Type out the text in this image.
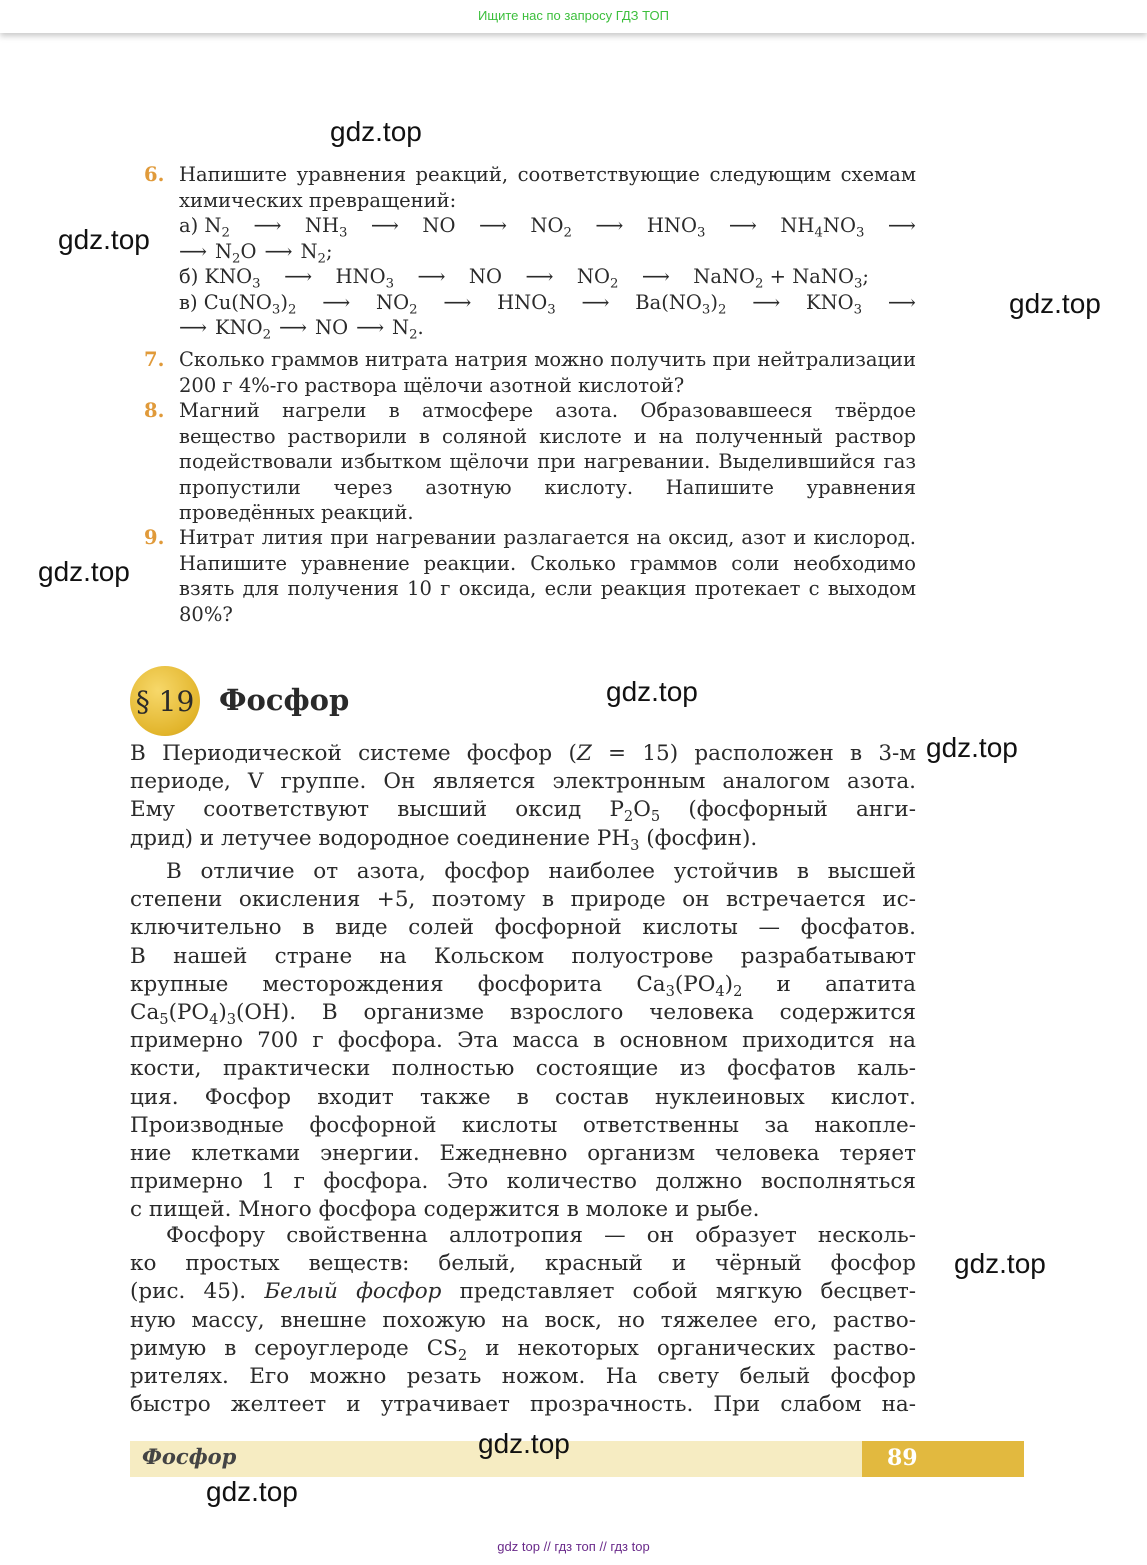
Ищите нас по запросу ГДЗ ТОП
6. Напишите уравнения реакций, соответствующие следующим схемам химических превращений:
а) $N_2$ ⟶ $NH_3$ ⟶ NO ⟶ $NO_2$ ⟶ $HNO_3$ ⟶ $NH_4NO_3$ ⟶
⟶ $N_2O$ ⟶ $N_2$;
б) $KNO_3$ ⟶ $HNO_3$ ⟶ NO ⟶ $NO_2$ ⟶ NaNO$_2$ + NaNO$_3$;
в) $Cu(NO_3)_2$ ⟶ $NO_2$ ⟶ $HNO_3$ ⟶ $Ba(NO_3)_2$ ⟶ $KNO_3$ ⟶
⟶ $KNO_2$ ⟶ NO ⟶ $N_2$.
7. Сколько граммов нитрата натрия можно получить при нейтрализации 200 г 4%-го раствора щёлочи азотной кислотой?
8. Магний нагрели в атмосфере азота. Образовавшееся твёрдое вещество растворили в соляной кислоте и на полученный раствор подействовали избытком щёлочи при нагревании. Выделившийся газ пропустили через азотную кислоту. Напишите уравнения проведённых реакций.
9. Нитрат лития при нагревании разлагается на оксид, азот и кислород. Напишите уравнение реакции. Сколько граммов соли необходимо взять для получения 10 г оксида, если реакция протекает с выходом 80%?
§ 19 Фосфор
В Периодической системе фосфор (Z = 15) расположен в 3-м
периоде, V группе. Он является электронным аналогом азота.
Ему соответствуют высший оксид $P_2O_5$ (фосфорный анги-
дрид) и летучее водородное соединение $PH_3$ (фосфин).
В отличие от азота, фосфор наиболее устойчив в высшей
степени окисления +5, поэтому в природе он встречается ис-
ключительно в виде солей фосфорной кислоты — фосфатов.
В нашей стране на Кольском полуострове разрабатывают
крупные месторождения фосфорита $Ca_3(PO_4)_2$ и апатита
$Ca_5(PO_4)_3(OH)$. В организме взрослого человека содержится
примерно 700 г фосфора. Эта масса в основном приходится на
кости, практически полностью состоящие из фосфатов каль-
ция. Фосфор входит также в состав нуклеиновых кислот.
Производные фосфорной кислоты ответственны за накопле-
ние клетками энергии. Ежедневно организм человека теряет
примерно 1 г фосфора. Это количество должно восполняться
с пищей. Много фосфора содержится в молоке и рыбе.
Фосфору свойственна аллотропия — он образует несколь-
ко простых веществ: белый, красный и чёрный фосфор
(рис. 45). Белый фосфор представляет собой мягкую бесцвет-
ную массу, внешне похожую на воск, но тяжелее его, раство-
римую в сероуглероде $CS_2$ и некоторых органических раство-
рителях. Его можно резать ножом. На свету белый фосфор
быстро желтеет и утрачивает прозрачность. При слабом на-
Фосфор	89
gdz.top
gdz.top
gdz.top
gdz.top
gdz.top
gdz.top
gdz.top
gdz.top
gdz.top
gdz top // гдз топ // гдз top
